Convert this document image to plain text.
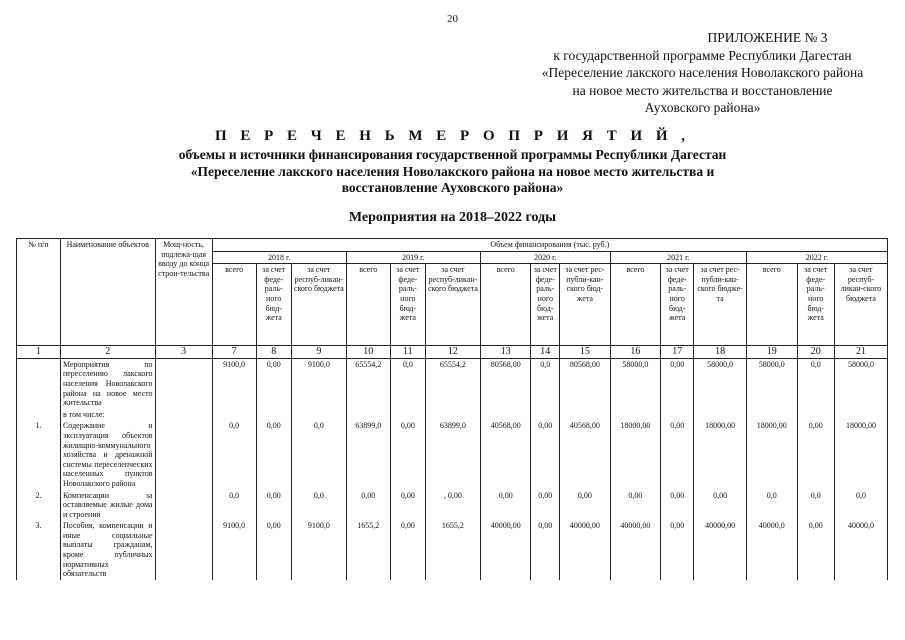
20
ПРИЛОЖЕНИЕ № 3
к государственной программе Республики Дагестан
«Переселение лакского населения Новолакского района
на новое место жительства и восстановление
Ауховского района»
П Е Р Е Ч Е Н Ь М Е Р О П Р И Я Т И Й ,
объемы и источники финансирования государственной программы Республики Дагестан
«Переселение лакского населения Новолакского района на новое место жительства и
восстановление Ауховского района»
Мероприятия на 2018–2022 годы
№ п/п	Наименование объектов	Мощ-ность, подлежа-щая вводу до конца строи-тельства	Объем финансирования (тыс. руб.)														
			2018 г.			2019 г.			2020 г.			2021 г.			2022 г.		
			всего	за счет феде-раль-ного бюд-жета	за счет респуб-ликан-ского бюджета	всего	за счет феде-раль-ного бюд-жета	за счет респуб-ликан-ского бюджета	всего	за счет феде-раль-ного бюд-жета	за счет рес-публи-кан-ского бюд-жета	всего	за счет феде-раль-ного бюд-жета	за счет рес-публи-кан-ского бюдже-та	всего	за счет феде-раль-ного бюд-жета	за счет респуб-ликан-ского бюджета
1	2	3	7	8	9	10	11	12	13	14	15	16	17	18	19	20	21
	Мероприятия по переселению лакского населения Новолакского района на новое место жительства		9100,0	0,00	9100,0	65554,2	0,0	65554,2	80568,00	0,0	80568,00	58000,0	0,00	58000,0	58000,0	0,0	58000,0
	в том числе:																
1.	Содержание и эксплуатация объектов жилищно-коммунального хозяйства и дренажной системы переселенческих населенных пунктов Новолакского района		0,0	0,00	0,0	63899,0	0,00	63899,0	40568,00	0,00	40568,00	18000,00	0,00	18000,00	18000,00	0,00	18000,00
2.	Компенсации за оставляемые жилые дома и строения		0,0	0,00	0,0	0,00	0,00	, 0,00	0,00	0,00	0,00	0,00	0,00	0,00	0,0	0,0	0,0
3.	Пособия, компенсации и иные социальные выплаты гражданам, кроме публичных нормативных обязательств		9100,0	0,00	9100,0	1655,2	0,00	1655,2	40000,00	0,00	40000,00	40000,00	0,00	40000,00	40000,0	0,00	40000,0
